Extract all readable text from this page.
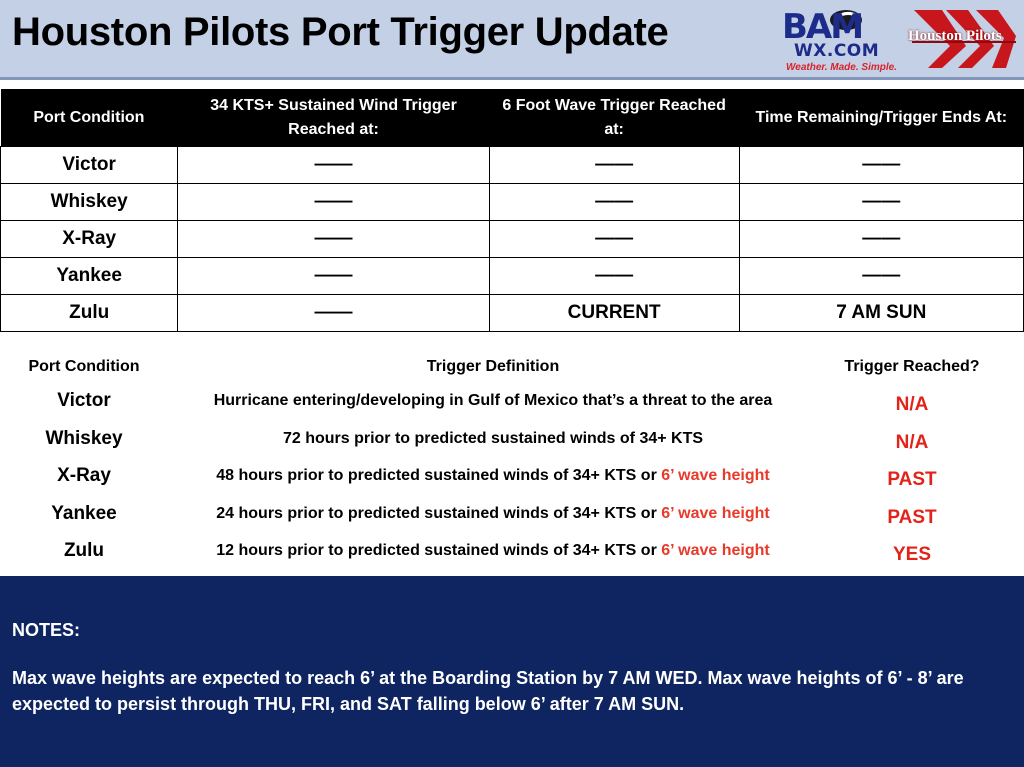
Houston Pilots Port Trigger Update	BAM
WX.COM
Weather. Made. Simple.
Houston Pilots
Port Condition	34 KTS+ Sustained Wind Trigger Reached at:	6 Foot Wave Trigger Reached at:	Time Remaining/Trigger Ends At:
Victor	——	——	——
Whiskey	——	——	——
X-Ray	——	——	——
Yankee	——	——	——
Zulu	——	CURRENT	7 AM SUN
Port Condition	Trigger Definition	Trigger Reached?
Victor	Hurricane entering/developing in Gulf of Mexico that’s a threat to the area	N/A
Whiskey	72 hours prior to predicted sustained winds of 34+ KTS	N/A
X-Ray	48 hours prior to predicted sustained winds of 34+ KTS or 6’ wave height	PAST
Yankee	24 hours prior to predicted sustained winds of 34+ KTS or 6’ wave height	PAST
Zulu	12 hours prior to predicted sustained winds of 34+ KTS or 6’ wave height	YES
NOTES:
Max wave heights are expected to reach 6’ at the Boarding Station by 7 AM WED. Max wave heights of 6’ - 8’ are expected to persist through THU, FRI, and SAT falling below 6’ after 7 AM SUN.
